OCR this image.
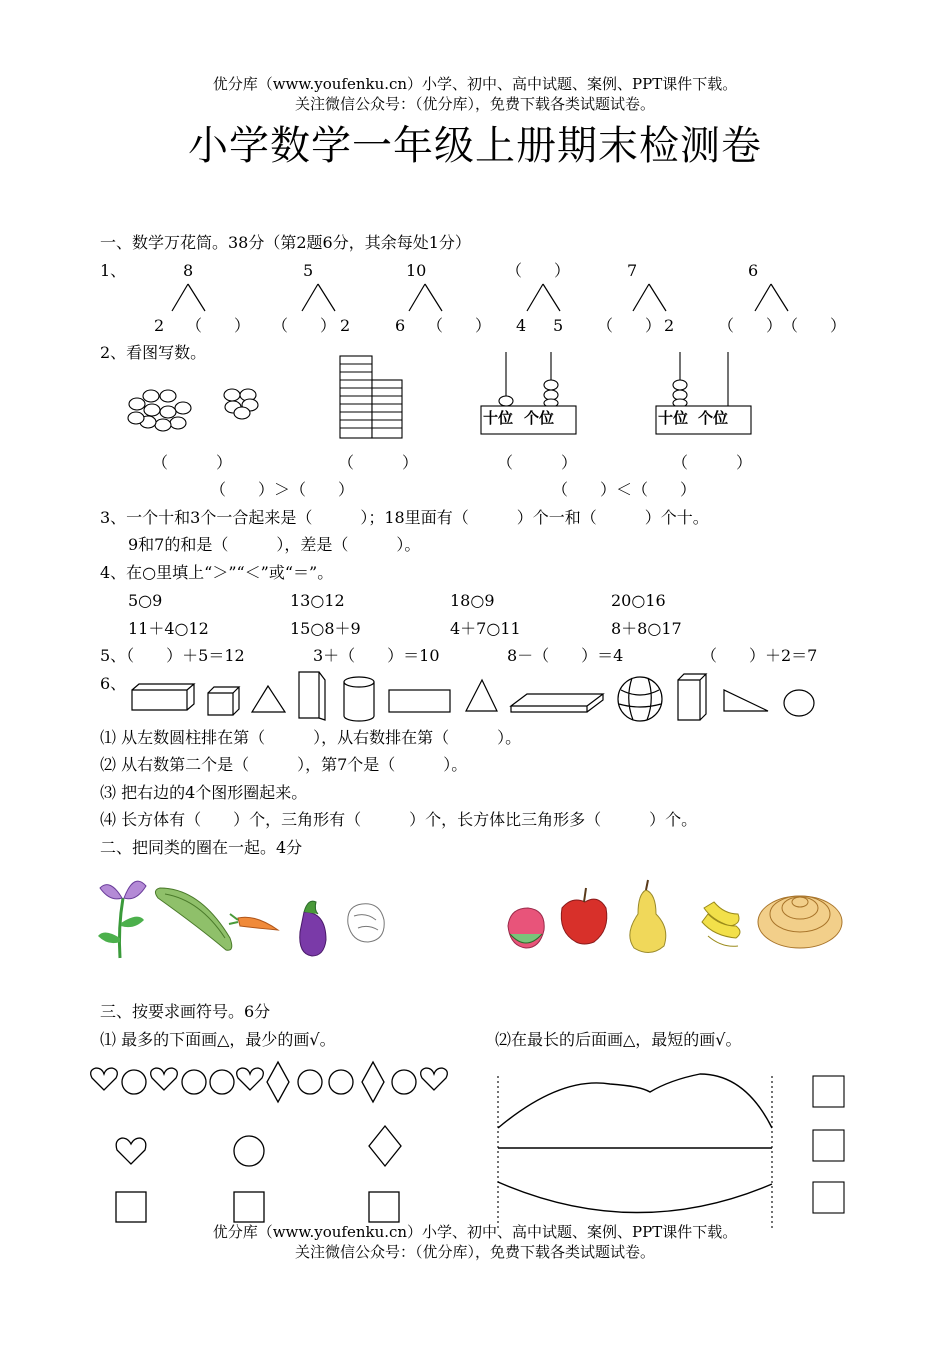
优分库（www.youfenku.cn）小学、初中、高中试题、案例、PPT课件下载。
关注微信公众号：（优分库），免费下载各类试题试卷。
小学数学一年级上册期末检测卷
一、数学万花筒。38分（第2题6分，其余每处1分）
1、	8
2 （　　）
5
（　　） 2
10
6 （　　）
（　　）
4 5
7
（　　） 2
6
（　　） （　　）
2、看图写数。
十位 个位	十位 个位
（　　　）	（　　　）	（　　　）	（　　　）
（　　）＞（　　）	（　　）＜（　　）
3、一个十和3个一合起来是（　　　）；18里面有（　　　）个一和（　　　）个十。
9和7的和是（　　　），差是（　　　）。
4、在○里填上“＞”“＜”或“＝”。
5○9	13○12	18○9	20○16
11＋4○12	15○8＋9	4＋7○11	8＋8○17
5、（　　）＋5＝12	3＋（　　）＝10	8－（　　）＝4	（　　）＋2＝7
6、
⑴ 从左数圆柱排在第（　　　），从右数排在第（　　　）。
⑵ 从右数第二个是（　　　），第7个是（　　　）。
⑶ 把右边的4个图形圈起来。
⑷ 长方体有（　　）个，三角形有（　　　）个，长方体比三角形多（　　　）个。
二、把同类的圈在一起。4分
三、按要求画符号。6分
⑴ 最多的下面画△，最少的画√。	⑵在最长的后面画△，最短的画√。
优分库（www.youfenku.cn）小学、初中、高中试题、案例、PPT课件下载。
关注微信公众号：（优分库），免费下载各类试题试卷。
